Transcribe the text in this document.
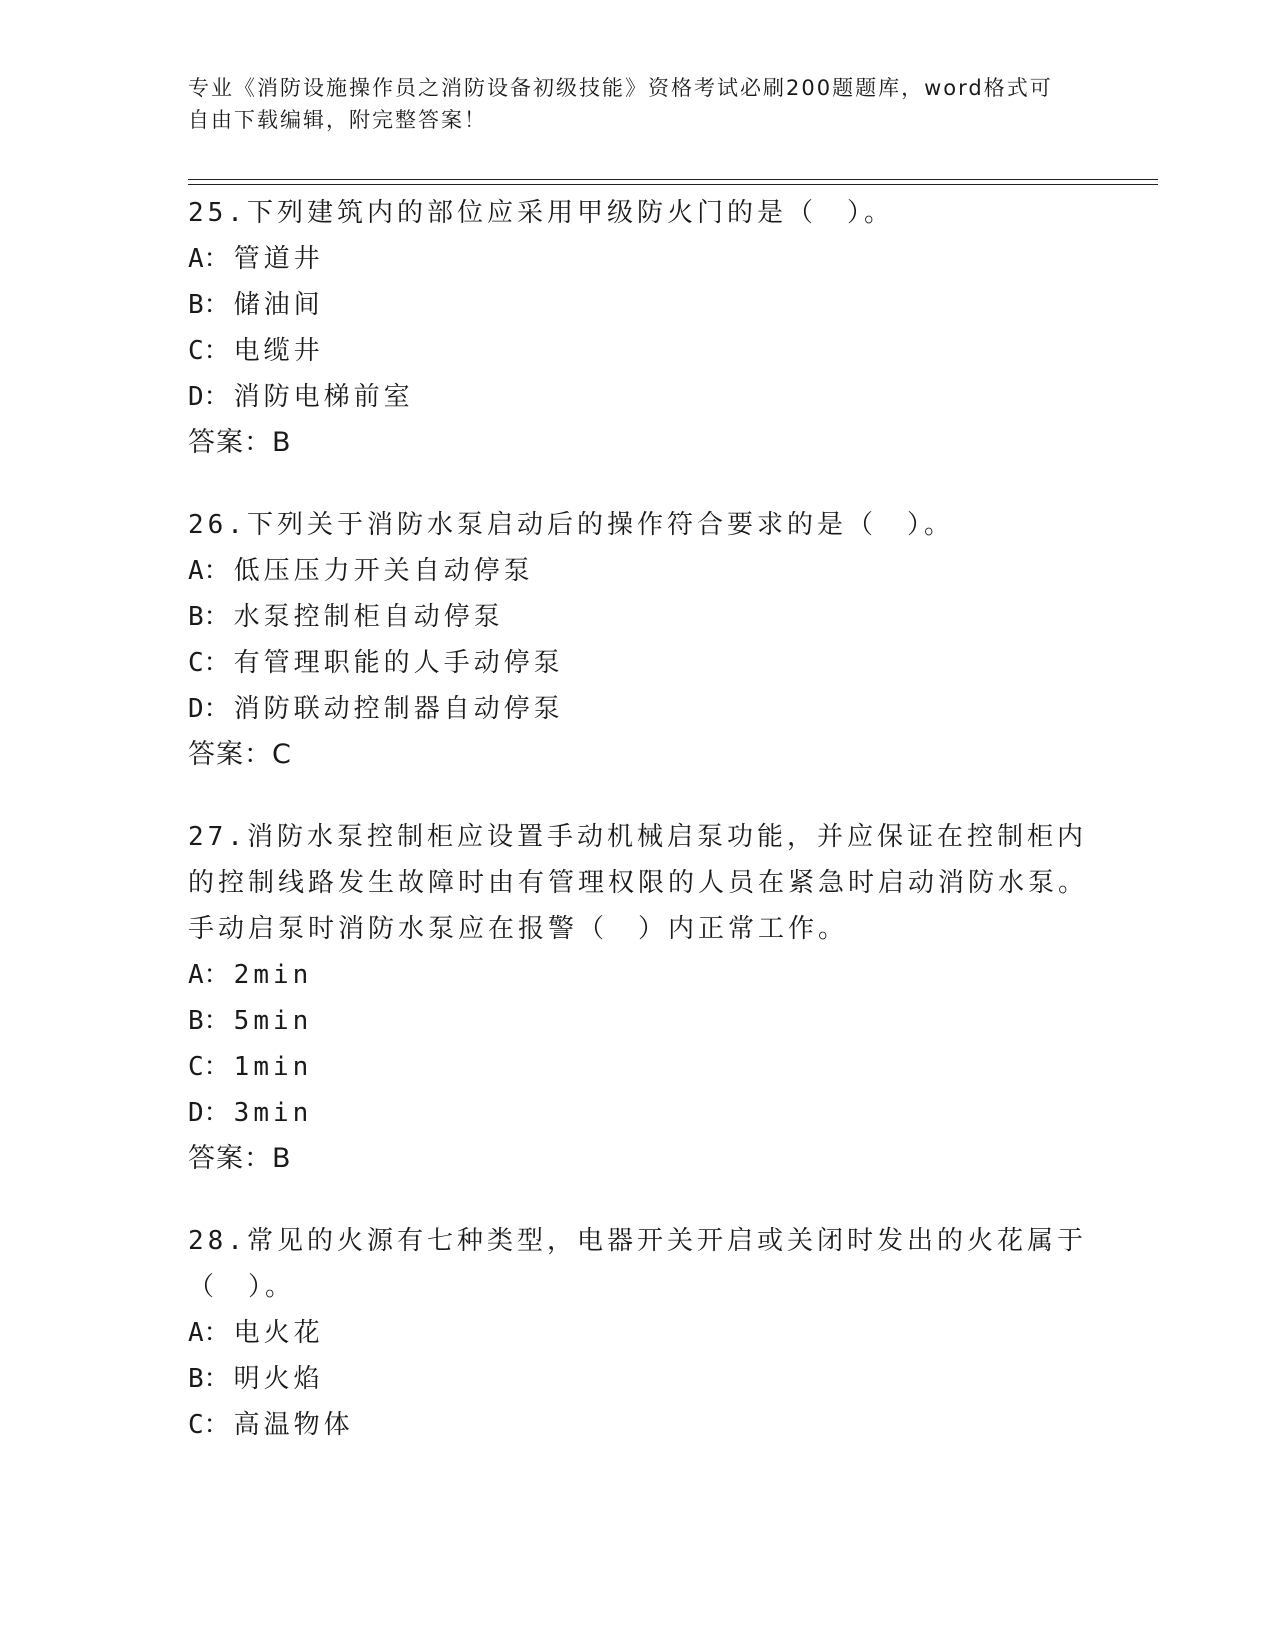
专业《消防设施操作员之消防设备初级技能》资格考试必刷200题题库，word格式可自由下载编辑，附完整答案！
25.下列建筑内的部位应采用甲级防火门的是（　）。
A：管道井
B：储油间
C：电缆井
D：消防电梯前室
答案：B
26.下列关于消防水泵启动后的操作符合要求的是（　）。
A：低压压力开关自动停泵
B：水泵控制柜自动停泵
C：有管理职能的人手动停泵
D：消防联动控制器自动停泵
答案：C
27.消防水泵控制柜应设置手动机械启泵功能，并应保证在控制柜内的控制线路发生故障时由有管理权限的人员在紧急时启动消防水泵。手动启泵时消防水泵应在报警（　）内正常工作。
A：2min
B：5min
C：1min
D：3min
答案：B
28.常见的火源有七种类型，电器开关开启或关闭时发出的火花属于（　）。
A：电火花
B：明火焰
C：高温物体
